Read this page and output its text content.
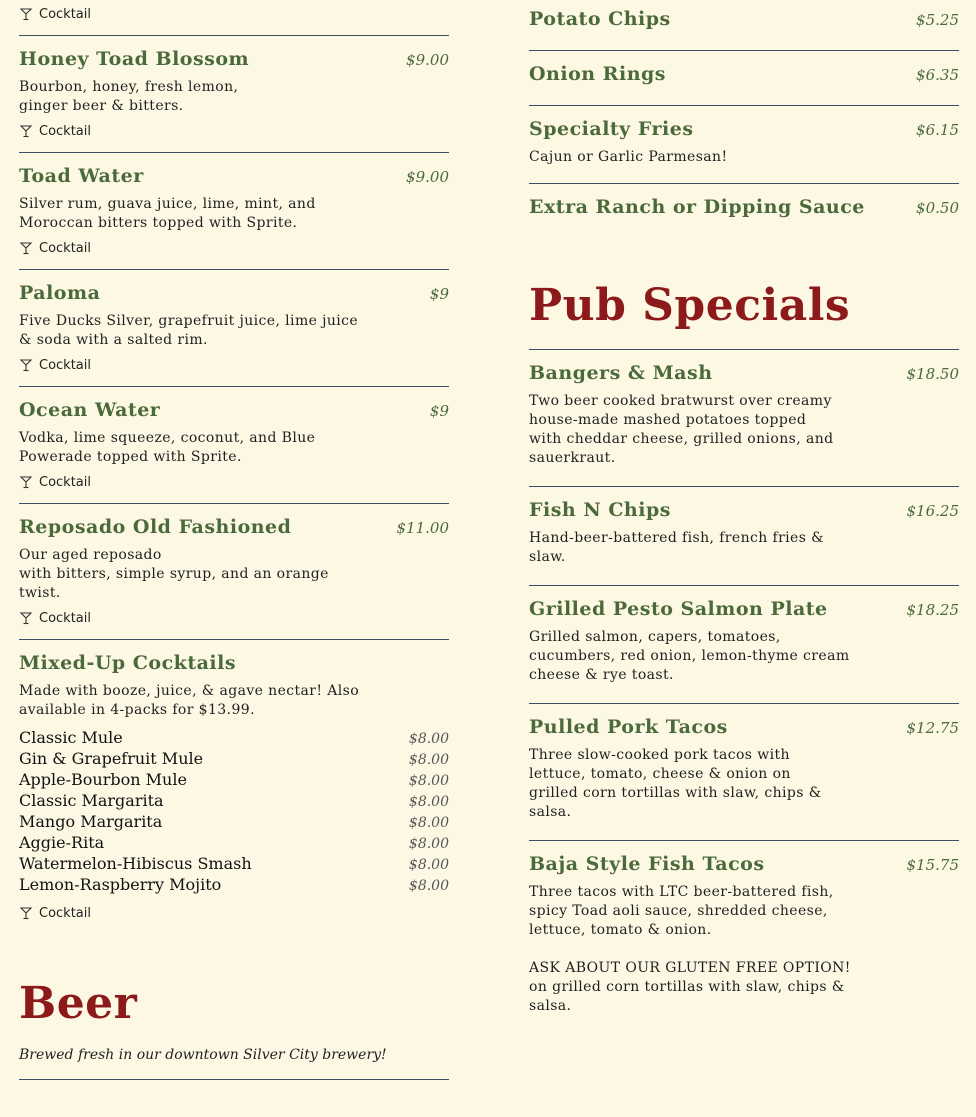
Cocktail
Honey Toad Blossom	$9.00
Bourbon, honey, fresh lemon,
ginger beer & bitters.
Cocktail
Toad Water	$9.00
Silver rum, guava juice, lime, mint, and
Moroccan bitters topped with Sprite.
Cocktail
Paloma	$9
Five Ducks Silver, grapefruit juice, lime juice
& soda with a salted rim.
Cocktail
Ocean Water	$9
Vodka, lime squeeze, coconut, and Blue
Powerade topped with Sprite.
Cocktail
Reposado Old Fashioned	$11.00
Our aged reposado
with bitters, simple syrup, and an orange
twist.
Cocktail
Mixed-Up Cocktails
Made with booze, juice, & agave nectar! Also
available in 4-packs for $13.99.
Classic Mule	$8.00
Gin & Grapefruit Mule	$8.00
Apple-Bourbon Mule	$8.00
Classic Margarita	$8.00
Mango Margarita	$8.00
Aggie-Rita	$8.00
Watermelon-Hibiscus Smash	$8.00
Lemon-Raspberry Mojito	$8.00
Cocktail
Beer
Brewed fresh in our downtown Silver City brewery!
Potato Chips	$5.25
Onion Rings	$6.35
Specialty Fries	$6.15
Cajun or Garlic Parmesan!
Extra Ranch or Dipping Sauce	$0.50
Pub Specials
Bangers & Mash	$18.50
Two beer cooked bratwurst over creamy
house-made mashed potatoes topped
with cheddar cheese, grilled onions, and
sauerkraut.
Fish N Chips	$16.25
Hand-beer-battered fish, french fries &
slaw.
Grilled Pesto Salmon Plate	$18.25
Grilled salmon, capers, tomatoes,
cucumbers, red onion, lemon-thyme cream
cheese & rye toast.
Pulled Pork Tacos	$12.75
Three slow-cooked pork tacos with
lettuce, tomato, cheese & onion on
grilled corn tortillas with slaw, chips &
salsa.
Baja Style Fish Tacos	$15.75
Three tacos with LTC beer-battered fish,
spicy Toad aoli sauce, shredded cheese,
lettuce, tomato & onion.

ASK ABOUT OUR GLUTEN FREE OPTION!
on grilled corn tortillas with slaw, chips &
salsa.
